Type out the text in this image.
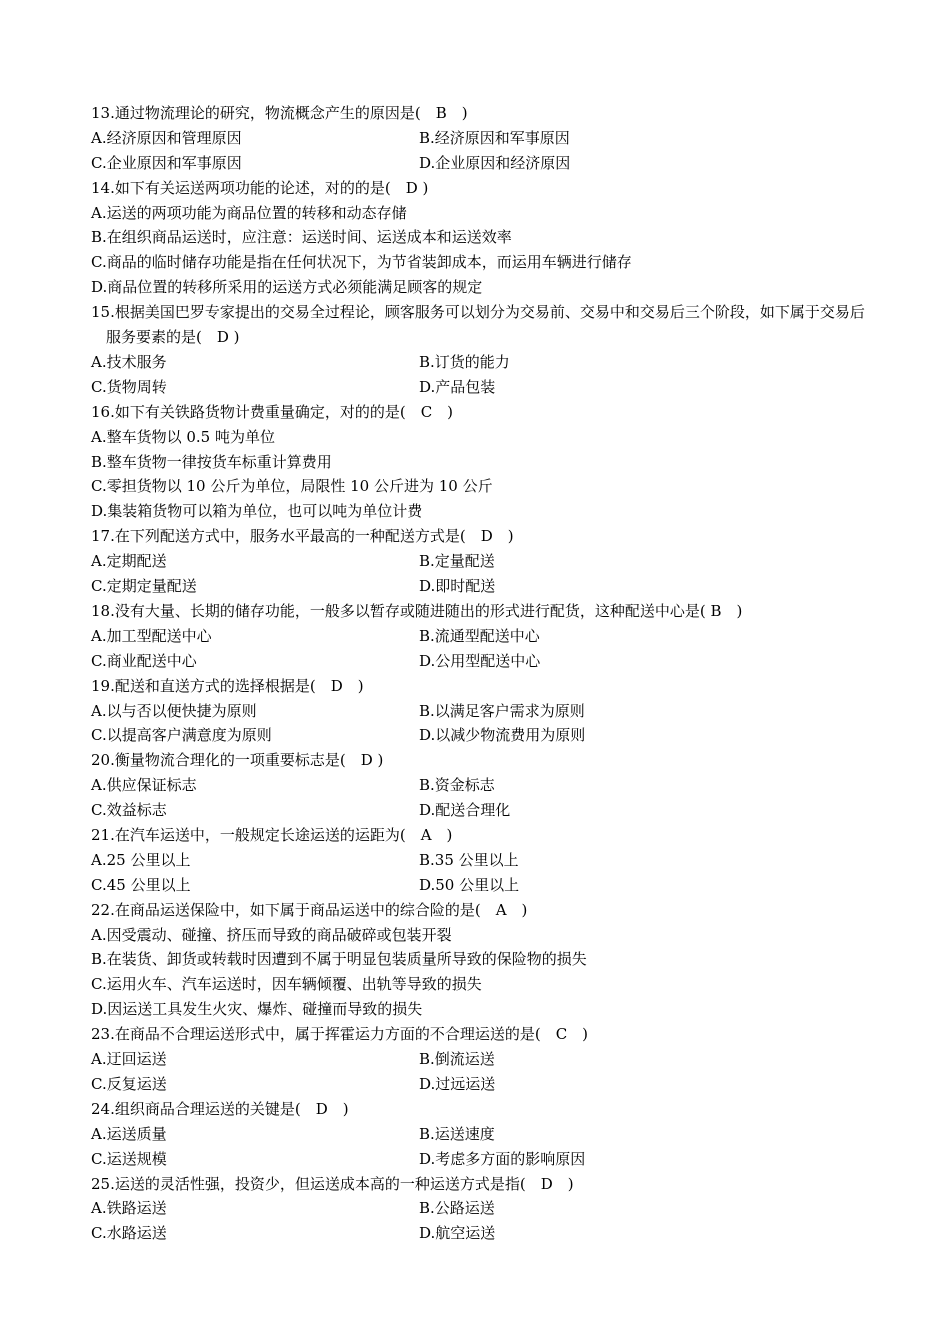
13.通过物流理论的研究，物流概念产生的原因是(　B　)
A.经济原因和管理原因	B.经济原因和军事原因
C.企业原因和军事原因	D.企业原因和经济原因
14.如下有关运送两项功能的论述，对的的是(　D )
A.运送的两项功能为商品位置的转移和动态存储
B.在组织商品运送时，应注意：运送时间、运送成本和运送效率
C.商品的临时储存功能是指在任何状况下，为节省装卸成本，而运用车辆进行储存
D.商品位置的转移所采用的运送方式必须能满足顾客的规定
15.根据美国巴罗专家提出的交易全过程论，顾客服务可以划分为交易前、交易中和交易后三个阶段，如下属于交易后服务要素的是(　D )
A.技术服务	B.订货的能力
C.货物周转	D.产品包装
16.如下有关铁路货物计费重量确定，对的的是(　C　)
A.整车货物以 0.5 吨为单位
B.整车货物一律按货车标重计算费用
C.零担货物以 10 公斤为单位，局限性 10 公斤进为 10 公斤
D.集装箱货物可以箱为单位，也可以吨为单位计费
17.在下列配送方式中，服务水平最高的一种配送方式是(　D　)
A.定期配送	B.定量配送
C.定期定量配送	D.即时配送
18.没有大量、长期的储存功能，一般多以暂存或随进随出的形式进行配货，这种配送中心是( B　)
A.加工型配送中心	B.流通型配送中心
C.商业配送中心	D.公用型配送中心
19.配送和直送方式的选择根据是(　D　)
A.以与否以便快捷为原则	B.以满足客户需求为原则
C.以提高客户满意度为原则	D.以减少物流费用为原则
20.衡量物流合理化的一项重要标志是(　D )
A.供应保证标志	B.资金标志
C.效益标志	D.配送合理化
21.在汽车运送中，一般规定长途运送的运距为(　A　)
A.25 公里以上	B.35 公里以上
C.45 公里以上	D.50 公里以上
22.在商品运送保险中，如下属于商品运送中的综合险的是(　A　)
A.因受震动、碰撞、挤压而导致的商品破碎或包装开裂
B.在装货、卸货或转载时因遭到不属于明显包装质量所导致的保险物的损失
C.运用火车、汽车运送时，因车辆倾覆、出轨等导致的损失
D.因运送工具发生火灾、爆炸、碰撞而导致的损失
23.在商品不合理运送形式中，属于挥霍运力方面的不合理运送的是(　C　)
A.迂回运送	B.倒流运送
C.反复运送	D.过远运送
24.组织商品合理运送的关键是(　D　)
A.运送质量	B.运送速度
C.运送规模	D.考虑多方面的影响原因
25.运送的灵活性强，投资少，但运送成本高的一种运送方式是指(　D　)
A.铁路运送	B.公路运送
C.水路运送	D.航空运送
